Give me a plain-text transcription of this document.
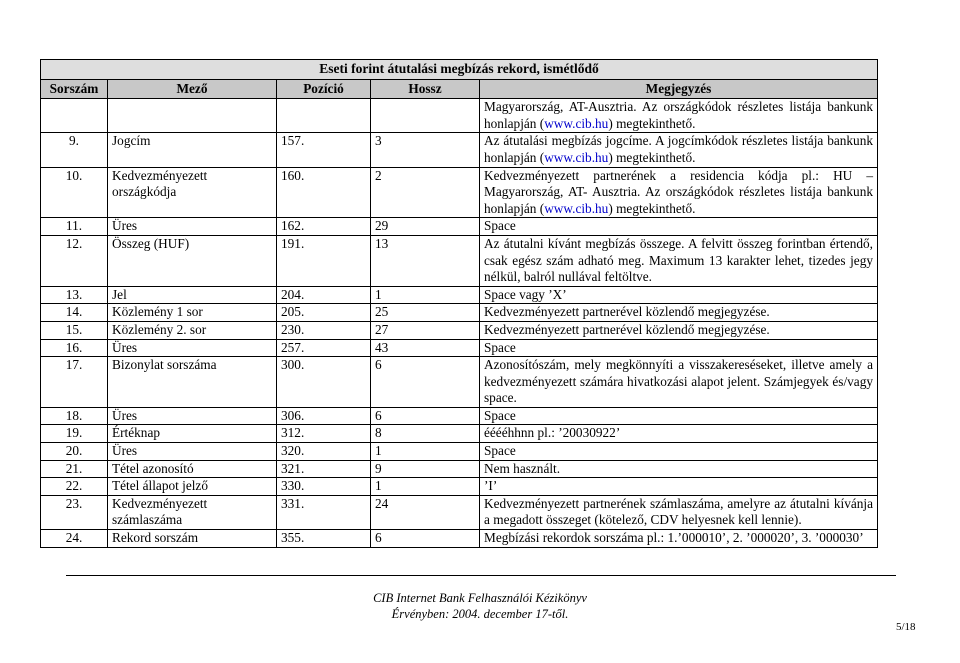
Eseti forint átutalási megbízás rekord, ismétlődő				
Sorszám	Mező	Pozíció	Hossz	Megjegyzés
				Magyarország, AT-Ausztria. Az országkódok részletes listája bankunk honlapján (www.cib.hu) megtekinthető.
9.	Jogcím	157.	3	Az átutalási megbízás jogcíme. A jogcímkódok részletes listája bankunk honlapján (www.cib.hu) megtekinthető.
10.	Kedvezményezett országkódja	160.	2	Kedvezményezett partnerének a residencia kódja pl.: HU – Magyarország, AT- Ausztria. Az országkódok részletes listája bankunk honlapján (www.cib.hu) megtekinthető.
11.	Üres	162.	29	Space
12.	Összeg (HUF)	191.	13	Az átutalni kívánt megbízás összege. A felvitt összeg forintban értendő, csak egész szám adható meg. Maximum 13 karakter lehet, tizedes jegy nélkül, balról nullával feltöltve.
13.	Jel	204.	1	Space vagy ’X’
14.	Közlemény 1 sor	205.	25	Kedvezményezett partnerével közlendő megjegyzése.
15.	Közlemény 2. sor	230.	27	Kedvezményezett partnerével közlendő megjegyzése.
16.	Üres	257.	43	Space
17.	Bizonylat sorszáma	300.	6	Azonosítószám, mely megkönnyíti a visszakereséseket, illetve amely a kedvezményezett számára hivatkozási alapot jelent. Számjegyek és/vagy space.
18.	Üres	306.	6	Space
19.	Értéknap	312.	8	ééééhhnn pl.: ’20030922’
20.	Üres	320.	1	Space
21.	Tétel azonosító	321.	9	Nem használt.
22.	Tétel állapot jelző	330.	1	’I’
23.	Kedvezményezett számlaszáma	331.	24	Kedvezményezett partnerének számlaszáma, amelyre az átutalni kívánja a megadott összeget (kötelező, CDV helyesnek kell lennie).
24.	Rekord sorszám	355.	6	Megbízási rekordok sorszáma pl.: 1.’000010’, 2. ’000020’, 3. ’000030’
CIB Internet Bank Felhasználói Kézikönyv
Érvényben: 2004. december 17-től.
5/18
